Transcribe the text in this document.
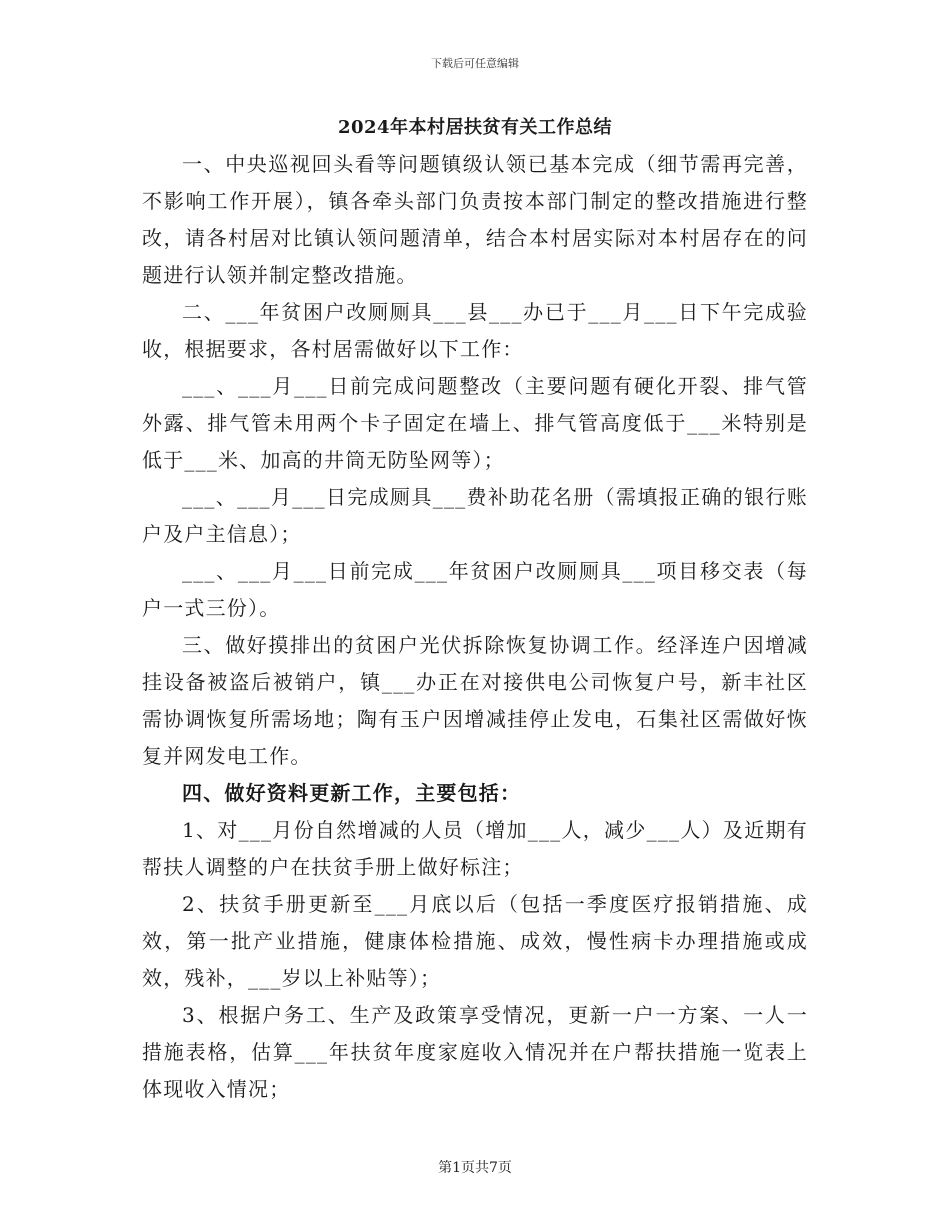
下载后可任意编辑

2024年本村居扶贫有关工作总结

一、中央巡视回头看等问题镇级认领已基本完成（细节需再完善，不影响工作开展），镇各牵头部门负责按本部门制定的整改措施进行整改，请各村居对比镇认领问题清单，结合本村居实际对本村居存在的问题进行认领并制定整改措施。

二、___年贫困户改厕厕具___县___办已于___月___日下午完成验收，根据要求，各村居需做好以下工作：

___、___月___日前完成问题整改（主要问题有硬化开裂、排气管外露、排气管未用两个卡子固定在墙上、排气管高度低于___米特别是低于___米、加高的井筒无防坠网等）；

___、___月___日完成厕具___费补助花名册（需填报正确的银行账户及户主信息）；

___、___月___日前完成___年贫困户改厕厕具___项目移交表（每户一式三份）。

三、做好摸排出的贫困户光伏拆除恢复协调工作。经泽连户因增减挂设备被盗后被销户，镇___办正在对接供电公司恢复户号，新丰社区需协调恢复所需场地；陶有玉户因增减挂停止发电，石集社区需做好恢复并网发电工作。

四、做好资料更新工作，主要包括：

1、对___月份自然增减的人员（增加___人，减少___人）及近期有帮扶人调整的户在扶贫手册上做好标注；

2、扶贫手册更新至___月底以后（包括一季度医疗报销措施、成效，第一批产业措施，健康体检措施、成效，慢性病卡办理措施或成效，残补，___岁以上补贴等）；

3、根据户务工、生产及政策享受情况，更新一户一方案、一人一措施表格，估算___年扶贫年度家庭收入情况并在户帮扶措施一览表上体现收入情况；

第1页共7页
